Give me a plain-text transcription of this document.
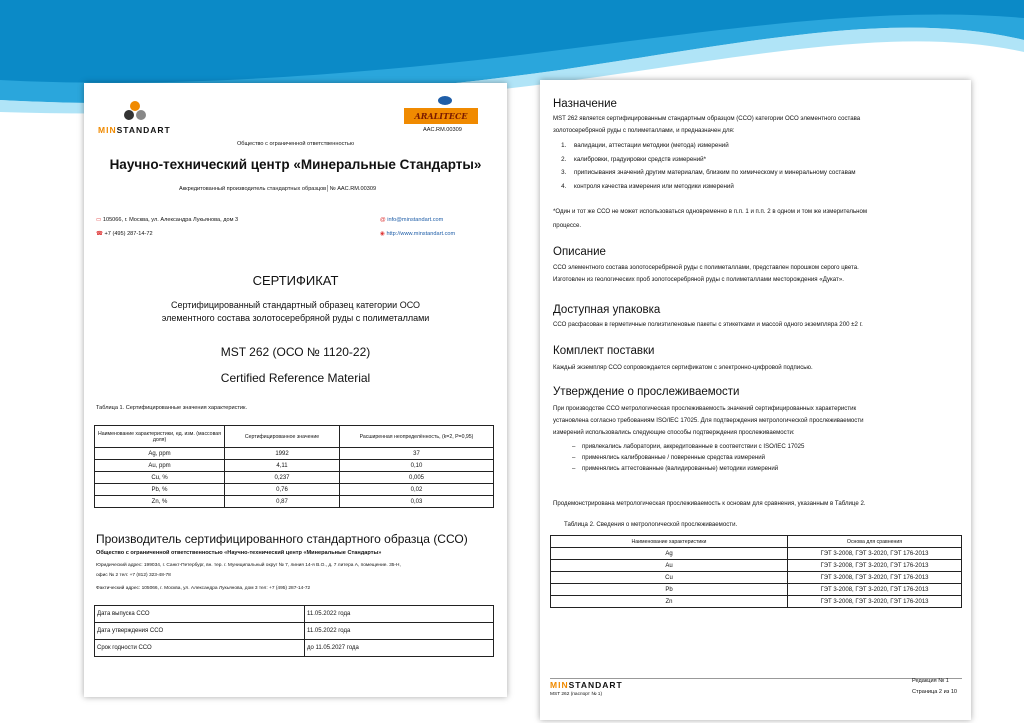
MINSTANDART
ARALITECE
AAC.RM.00309
Общество с ограниченной ответственностью
Научно-технический центр «Минеральные Стандарты»
Аккредитованный производитель стандартных образцов│№ AAC.RM.00309
▭ 105066, г. Москва, ул. Александра Лукьянова, дом 3
☎ +7 (495) 287-14-72
@ info@minstandart.com
◉ http://www.minstandart.com
СЕРТИФИКАТ
Сертифицированный стандартный образец категории ОСО
элементного состава золотосеребряной руды с полиметаллами
MST 262 (ОСО № 1120-22)
Certified Reference Material
Таблица 1. Сертифицированные значения характеристик.
Наименование характеристики, ед. изм. (массовая доля)	Сертифицированное значение	Расширенная неопределённость, (k=2, P=0,95)
Ag, ppm	1992	37
Au, ppm	4,11	0,10
Cu, %	0,237	0,005
Pb, %	0,76	0,02
Zn, %	0,87	0,03
Производитель сертифицированного стандартного образца (ССО)
Общество с ограниченной ответственностью «Научно-технический центр «Минеральные Стандарты»
Юридический адрес: 199034, г. Санкт-Петербург, вн. тер. г. Муниципальный округ № 7, линия 14-я В.О., д. 7 литера А, помещение. 35-Н,
офис № 2 тел: +7 (812) 323-48-78
Фактический адрес: 105066, г. Москва, ул. Александра Лукьянова, дом 3 тел: +7 (495) 287-14-72
Дата выпуска ССО	11.05.2022 года
Дата утверждения ССО	11.05.2022 года
Срок годности ССО	до 11.05.2027 года
Назначение
MST 262 является сертифицированным стандартным образцом (ССО) категории ОСО элементного состава
золотосеребряной руды с полиметаллами, и предназначен для:
1. валидации, аттестации методики (метода) измерений
2. калибровки, градуировки средств измерений*
3. приписывания значений другим материалам, близким по химическому и минеральному составам
4. контроля качества измерения или методики измерений
*Один и тот же ССО не может использоваться одновременно в п.п. 1 и п.п. 2 в одном и том же измерительном
процессе.
Описание
ССО элементного состава золотосеребряной руды с полиметаллами, представлен порошком серого цвета.
Изготовлен из геологических проб золотосеребряной руды с полиметаллами месторождения «Дукат».
Доступная упаковка
ССО расфасован в герметичные полиэтиленовые пакеты с этикетками и массой одного экземпляра 200 ±2 г.
Комплект поставки
Каждый экземпляр ССО сопровождается сертификатом с электронно-цифровой подписью.
Утверждение о прослеживаемости
При производстве ССО метрологическая прослеживаемость значений сертифицированных характеристик
установлена согласно требованиям ISO/IEC 17025. Для подтверждения метрологической прослеживаемости
измерений использовались следующие способы подтверждения прослеживаемости:
– привлекались лаборатории, аккредитованные в соответствии с ISO/IEC 17025
– применялись калиброванные / поверенные средства измерений
– применялись аттестованные (валидированные) методики измерений
Продемонстрирована метрологическая прослеживаемость к основам для сравнения, указанным в Таблице 2.
Таблица 2. Сведения о метрологической прослеживаемости.
Наименование характеристики	Основа для сравнения
Ag	ГЭТ 3-2008, ГЭТ 3-2020, ГЭТ 176-2013
Au	ГЭТ 3-2008, ГЭТ 3-2020, ГЭТ 176-2013
Cu	ГЭТ 3-2008, ГЭТ 3-2020, ГЭТ 176-2013
Pb	ГЭТ 3-2008, ГЭТ 3-2020, ГЭТ 176-2013
Zn	ГЭТ 3-2008, ГЭТ 3-2020, ГЭТ 176-2013
MINSTANDART
MST 262 (паспорт № 1)
Редакция № 1
Страница 2 из 10
